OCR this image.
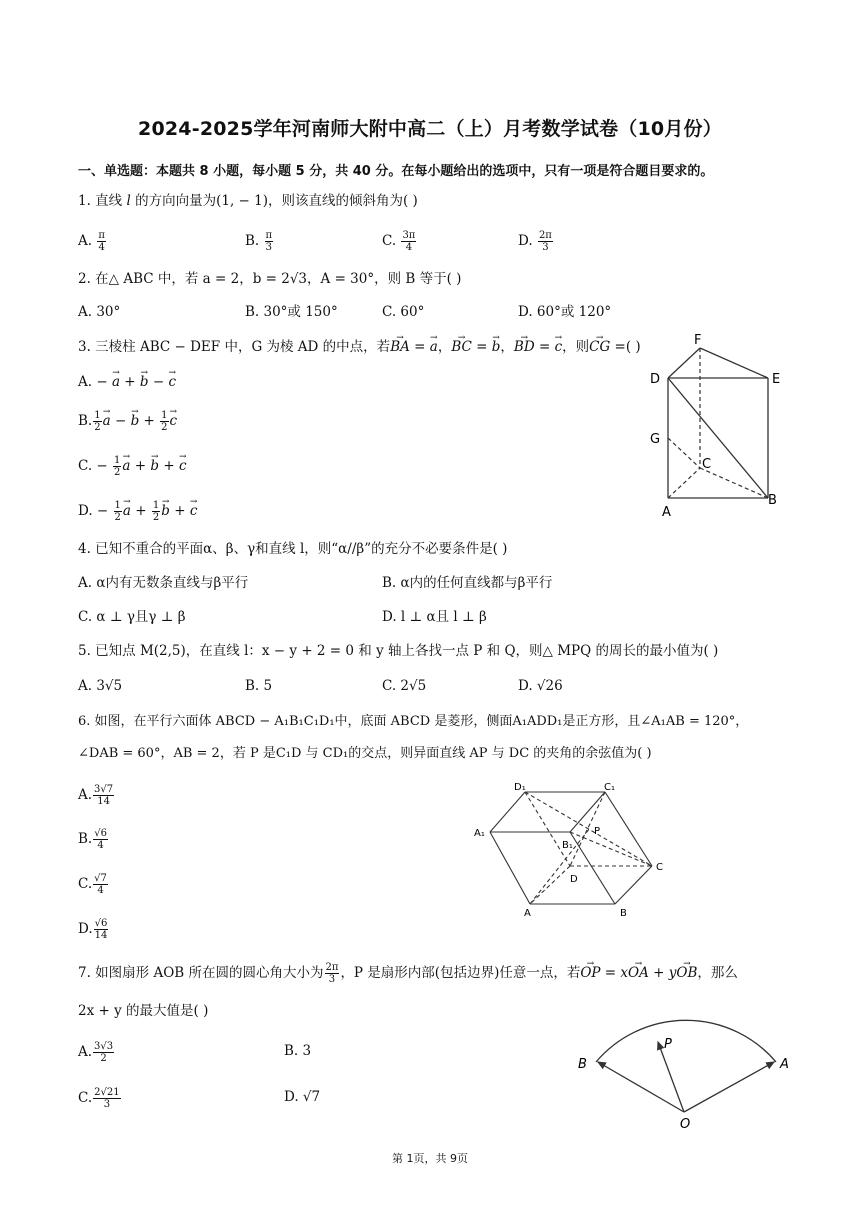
2024-2025学年河南师大附中高二（上）月考数学试卷（10月份）
一、单选题：本题共 8 小题，每小题 5 分，共 40 分。在每小题给出的选项中，只有一项是符合题目要求的。
1. 直线 l 的方向向量为(1, − 1)，则该直线的倾斜角为( )
A. $\frac{\pi}{4}$	B. $\frac{\pi}{3}$	C. $\frac{3\pi}{4}$	D. $\frac{2\pi}{3}$
2. 在△ ABC 中，若 a = 2，b = 2√3，A = 30°，则 B 等于( )
A. 30°	B. 30°或 150°	C. 60°	D. 60°或 120°
3. 三棱柱 ABC − DEF 中，G 为棱 AD 的中点，若→ BA = → a，→ BC = → b，→ BD = → c，则→ CG =( )
A. − → a + → b − → c
B. $\frac{1}{2}$
→ a − → $b + \frac{1}{2}$
→ c
C. − $\frac{1}{2}$
→ a + → b + → c
D. − $\frac{1}{2}$
→ $a + \frac{1}{2}$
→ b + → c
F
D	E
G
C
A
B
4. 已知不重合的平面α、β、γ和直线 l，则“α//β”的充分不必要条件是( )
A. α内有无数条直线与β平行	B. α内的任何直线都与β平行
C. α ⊥ γ且γ ⊥ β	D. l ⊥ α且 l ⊥ β
5. 已知点 M(2,5)，在直线 l：x − y + 2 = 0 和 y 轴上各找一点 P 和 Q，则△ MPQ 的周长的最小值为( )
A. 3√5	B. 5	C. 2√5	D. √26
6. 如图，在平行六面体 ABCD − A₁B₁C₁D₁中，底面 ABCD 是菱形，侧面A₁ADD₁是正方形，且∠A₁AB = 120°，
∠DAB = 60°，AB = 2，若 P 是C₁D 与 CD₁的交点，则异面直线 AP 与 DC 的夹角的余弦值为( )
A. $\frac{3√7}{14}$
B. $\frac{√6}{4}$
C. $\frac{√7}{4}$
D. $\frac{√6}{14}$
D₁	C₁
A₁	P
B₁
C
D
A	B
7. 如图扇形 AOB 所在圆的圆心角大小为 $\frac{2\pi}{3}$ ，P 是扇形内部(包括边界)任意一点，若→ OP = x→ OA + y→ OB，那么
2x + y 的最大值是( )
A. $\frac{3√3}{2}$	B. 3
C. $\frac{2√21}{3}$	D. √7
P
B	A
O
第 1页，共 9页
